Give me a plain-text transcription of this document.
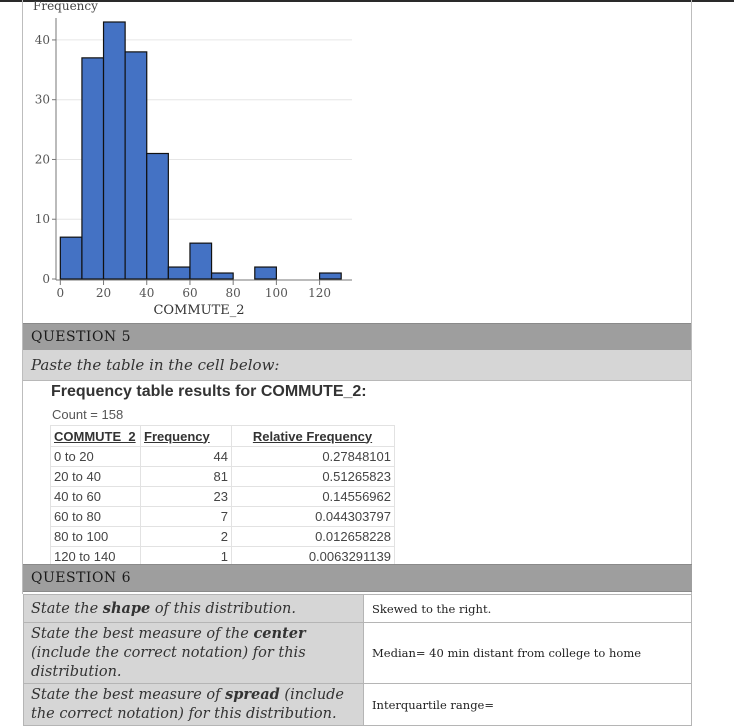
Frequency
0
10
20
30
40
0	20 40 60 80 100 120
COMMUTE_2
QUESTION 5
Paste the table in the cell below:
Frequency table results for COMMUTE_2:
Count = 158
COMMUTE_2	Frequency	Relative Frequency
0 to 20	44	0.27848101
20 to 40	81	0.51265823
40 to 60	23	0.14556962
60 to 80	7	0.044303797
80 to 100	2	0.012658228
120 to 140	1	0.0063291139
QUESTION 6
State the shape of this distribution.	Skewed to the right.
State the best measure of the center (include the correct notation) for this distribution.	Median= 40 min distant from college to home
State the best measure of spread (include the correct notation) for this distribution.	Interquartile range=
